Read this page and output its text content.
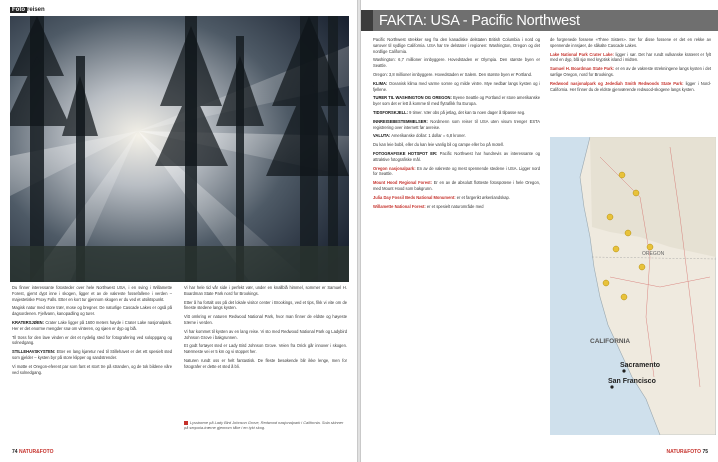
Foto reisen

Du finner interessante fotosteder over hele Northwest USA, i en sving i Willamette Forest, gjemt dypt inne i skogen, ligger et av de vakreste fossefallene i verden – majestetiske Proxy Falls. Etter en kort tur gjennom skogen er du ved et utsiktspunkt.

Magisk natur med store trær, mose og bregner. De naturlige Cascade Lakes er også på dagsordenen. Fjellvann, kanopadling og turer.

KRATERSJØEN: Crater Lake ligger på 1600 meters høyde i Crater Lake nasjonalpark. Her er det enorme mengder snø om vinteren, og sjøen er dyp og blå.

Til tross for den lave vinden er det et nydelig sted for fotografering ved soloppgang og solnedgang.

STILLEHAVSKYSTEN: Etter en lang kjøretur ned til Stillehavet er det ett spesielt sted som gjelder – kysten byr på store klipper og sandstrender.

Vi møtte et Oregon-eferent par som fant et stort tre på stranden, og de tok bildene våre ved solnedgang.

Vi har hele tid vår side i perfekt vær, under en knallblå himmel, sommer er Samuel H. Boardman State Park nord for Brookings.

Etter å ha fortalt oss på det lokale visitor center i Brookings, ved et tips, fikk vi vite om de fineste stedene langs kysten.

Vitt omkring er naturen Redwood National Park, hvor man finner de eldste og høyeste trærne i verden.

Vi har kommet til kysten av en lang reise. Vi sto med Redwood National Park og Ladybird Johnson Grove i bakgrunnen.

Et godt fortøyet sted er Lady Bird Johnson Grove. Veien fra Orick går innover i skogen. Nærmeste vei er 5 km og vi stoppet her.

Naturen rundt oss er helt fantastisk. De fleste besøkende blir ikke lenge, men for fotografer er dette et sted å bli.

Lysstrøme på Lady Bird Johnson Grove, Redwood nasjonalpark i California. Sola skinner på sequoia-trærne gjennom tåke i en tykt skog.
74 NATUR&FOTO
FAKTA: USA - Pacific Northwest

Pacific Northwest strekker seg fra den kanadiske delstaten British Columbia i nord og sørover til sydlige California. USA har tre delstater i regionen: Washington, Oregon og det nordlige California.

Washington: 6,7 millioner innbyggere. Hovedstaden er Olympia. Den største byen er Seattle.

Oregon: 3,8 millioner innbyggere. Hovedstaden er Salem. Den største byen er Portland.

KLIMA: Oceanisk klima med varme somre og milde vintre. Mye nedbør langs kysten og i fjellene.

TURER TIL WASHINGTON OG OREGON: Byene Seattle og Portland er store amerikanske byer som det er lett å komme til med flytrafikk fra Europa.

TIDSFORSKJELL: 9 timer. Vær obs på jetlag, det kan ta noen dager å tilpasse seg.

INNREISEBESTEMMELSER: Nordmenn som reiser til USA uten visum trenger ESTA registrering over internett før avreise.

VALUTA: Amerikanske dollar: 1 dollar = 6,8 kroner.

Du kan leie bobil, eller du kan leie vanlig bil og campe eller bo på motell.

FOTOGRAFISKE HOTSPOT ER: Pacific Northwest har hundrevis av interessante og attraktive fotografiske mål.

Oregon nasjonalpark: En av de vakreste og mest spennende stedene i USA. Ligger nord for Seattle.

Mount Hood Regional Forest: Er en av de absolutt flotteste fotospotene i hele Oregon, med Mount Hood som bakgrunn.

Julia Day Fossil Beds National Monument: er et fargerikt ørkenlandskap.

Willamette National Forest: er et spesielt naturområde med

de forgrenede fossene «Three Sisters». Ser for disse fossene er det en rekke av spennende innsjøer, de såkalte Cascade Lakes.

Lake National Park Crater Lake: ligger i sør. Det har rundt vulkanske krateret er fylt med en dyp, blå sjø med kryptisk island i midten.

Samuel H. Boardman State Park: er en av de vakreste strekningene langs kysten i det sørlige Oregon, nord for Brookings.

Redwood nasjonalpark og Jedediah Smith Redwoods State Park: ligger i Nord-California. Her finner du de eldste gjenværende redwood-skogene langs kysten.

OREGON
CALIFORNIA
Sacramento
San Francisco
NATUR&FOTO 75
